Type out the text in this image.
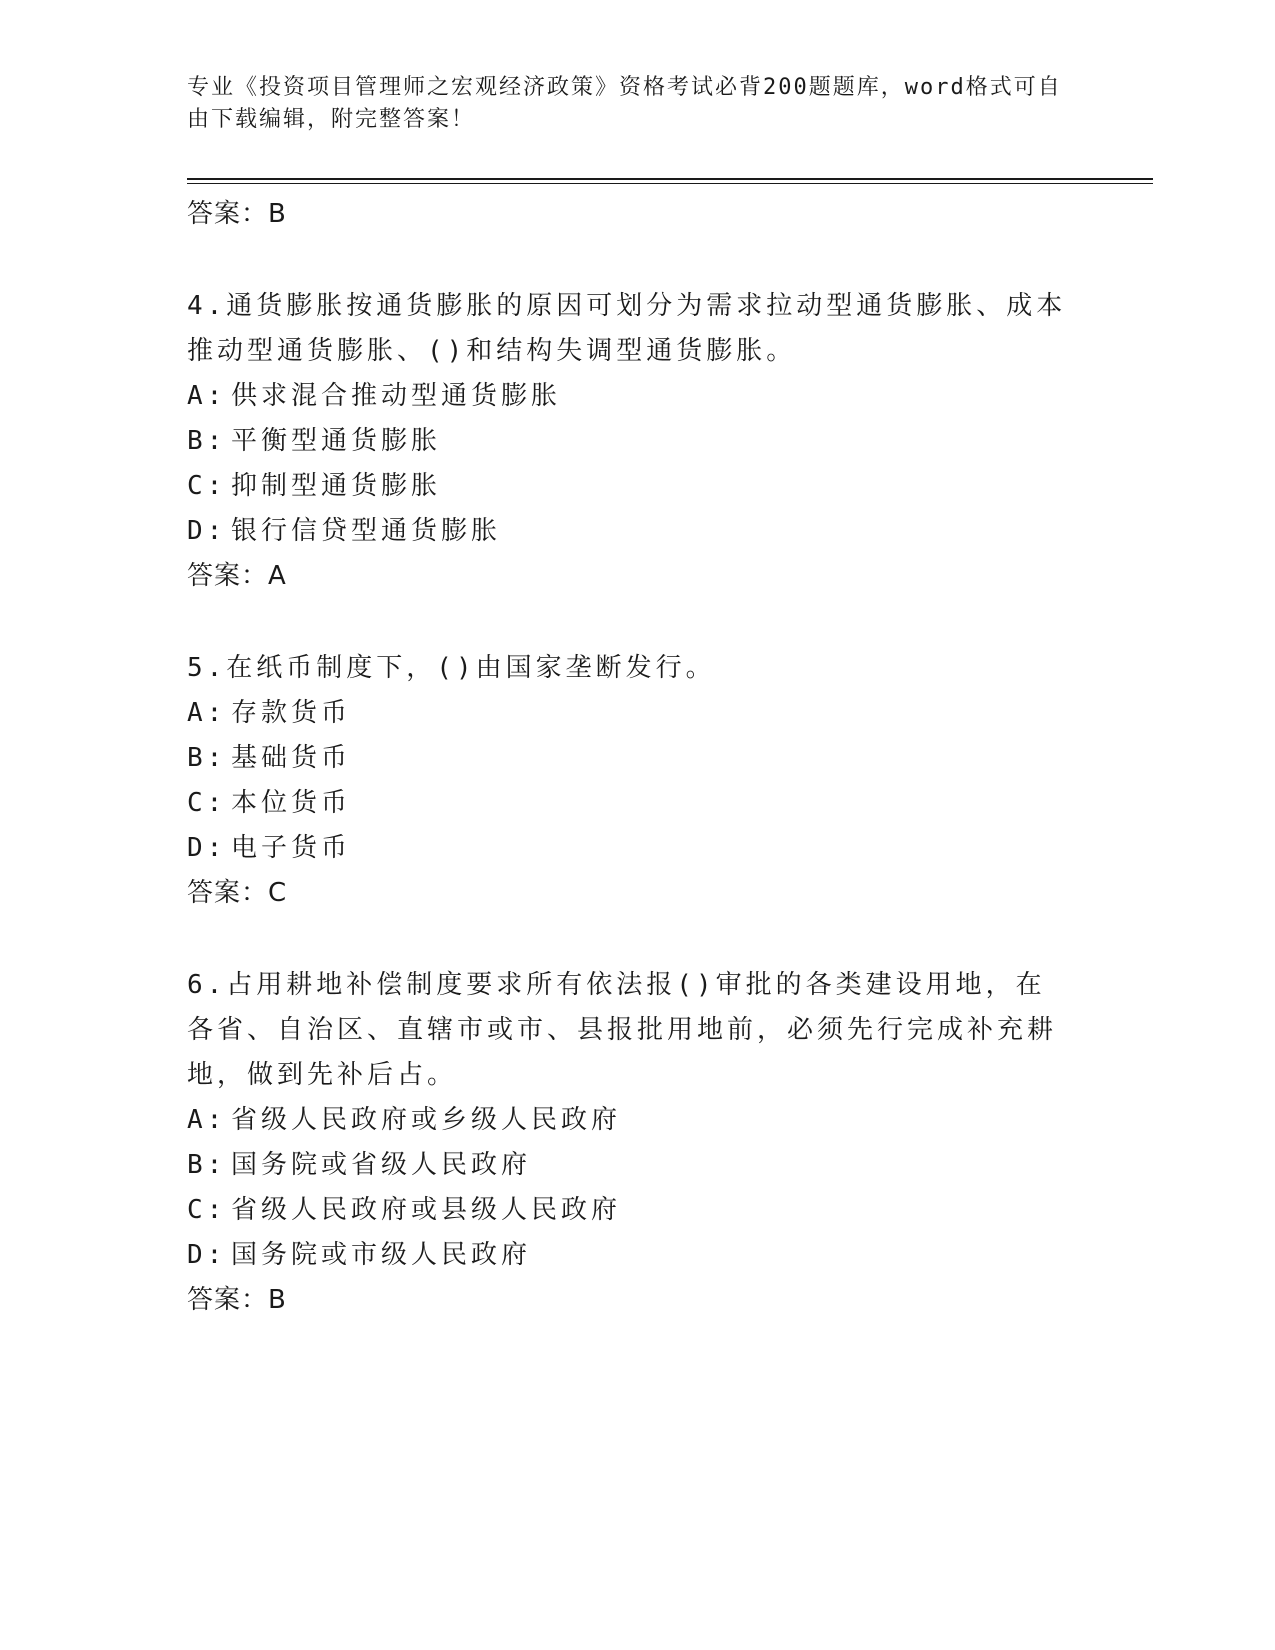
专业《投资项目管理师之宏观经济政策》资格考试必背200题题库，word格式可自由下载编辑，附完整答案！
答案：B
4.通货膨胀按通货膨胀的原因可划分为需求拉动型通货膨胀、成本推动型通货膨胀、()和结构失调型通货膨胀。
A: 供求混合推动型通货膨胀
B: 平衡型通货膨胀
C: 抑制型通货膨胀
D: 银行信贷型通货膨胀
答案：A
5.在纸币制度下，()由国家垄断发行。
A: 存款货币
B: 基础货币
C: 本位货币
D: 电子货币
答案：C
6.占用耕地补偿制度要求所有依法报()审批的各类建设用地，在各省、自治区、直辖市或市、县报批用地前，必须先行完成补充耕地，做到先补后占。
A: 省级人民政府或乡级人民政府
B: 国务院或省级人民政府
C: 省级人民政府或县级人民政府
D: 国务院或市级人民政府
答案：B
